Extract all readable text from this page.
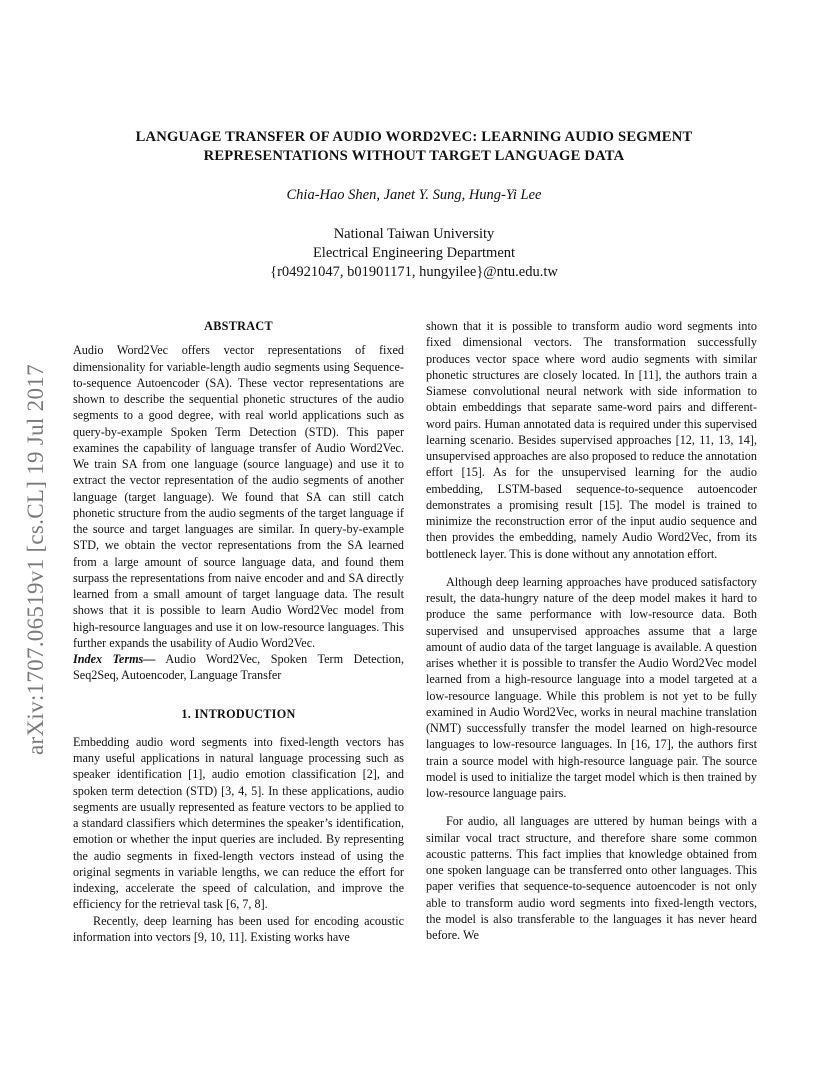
arXiv:1707.06519v1 [cs.CL] 19 Jul 2017
LANGUAGE TRANSFER OF AUDIO WORD2VEC: LEARNING AUDIO SEGMENT
REPRESENTATIONS WITHOUT TARGET LANGUAGE DATA
Chia-Hao Shen, Janet Y. Sung, Hung-Yi Lee
National Taiwan University
Electrical Engineering Department
{r04921047, b01901171, hungyilee}@ntu.edu.tw
ABSTRACT

Audio Word2Vec offers vector representations of fixed dimensionality for variable-length audio segments using Sequence-to-sequence Autoencoder (SA). These vector representations are shown to describe the sequential phonetic structures of the audio segments to a good degree, with real world applications such as query-by-example Spoken Term Detection (STD). This paper examines the capability of language transfer of Audio Word2Vec. We train SA from one language (source language) and use it to extract the vector representation of the audio segments of another language (target language). We found that SA can still catch phonetic structure from the audio segments of the target language if the source and target languages are similar. In query-by-example STD, we obtain the vector representations from the SA learned from a large amount of source language data, and found them surpass the representations from naive encoder and and SA directly learned from a small amount of target language data. The result shows that it is possible to learn Audio Word2Vec model from high-resource languages and use it on low-resource languages. This further expands the usability of Audio Word2Vec.

Index Terms— Audio Word2Vec, Spoken Term Detection, Seq2Seq, Autoencoder, Language Transfer

1. INTRODUCTION

Embedding audio word segments into fixed-length vectors has many useful applications in natural language processing such as speaker identification [1], audio emotion classification [2], and spoken term detection (STD) [3, 4, 5]. In these applications, audio segments are usually represented as feature vectors to be applied to a standard classifiers which determines the speaker’s identification, emotion or whether the input queries are included. By representing the audio segments in fixed-length vectors instead of using the original segments in variable lengths, we can reduce the effort for indexing, accelerate the speed of calculation, and improve the efficiency for the retrieval task [6, 7, 8].

Recently, deep learning has been used for encoding acoustic information into vectors [9, 10, 11]. Existing works have

shown that it is possible to transform audio word segments into fixed dimensional vectors. The transformation successfully produces vector space where word audio segments with similar phonetic structures are closely located. In [11], the authors train a Siamese convolutional neural network with side information to obtain embeddings that separate same-word pairs and different-word pairs. Human annotated data is required under this supervised learning scenario. Besides supervised approaches [12, 11, 13, 14], unsupervised approaches are also proposed to reduce the annotation effort [15]. As for the unsupervised learning for the audio embedding, LSTM-based sequence-to-sequence autoencoder demonstrates a promising result [15]. The model is trained to minimize the reconstruction error of the input audio sequence and then provides the embedding, namely Audio Word2Vec, from its bottleneck layer. This is done without any annotation effort.

Although deep learning approaches have produced satisfactory result, the data-hungry nature of the deep model makes it hard to produce the same performance with low-resource data. Both supervised and unsupervised approaches assume that a large amount of audio data of the target language is available. A question arises whether it is possible to transfer the Audio Word2Vec model learned from a high-resource language into a model targeted at a low-resource language. While this problem is not yet to be fully examined in Audio Word2Vec, works in neural machine translation (NMT) successfully transfer the model learned on high-resource languages to low-resource languages. In [16, 17], the authors first train a source model with high-resource language pair. The source model is used to initialize the target model which is then trained by low-resource language pairs.

For audio, all languages are uttered by human beings with a similar vocal tract structure, and therefore share some common acoustic patterns. This fact implies that knowledge obtained from one spoken language can be transferred onto other languages. This paper verifies that sequence-to-sequence autoencoder is not only able to transform audio word segments into fixed-length vectors, the model is also transferable to the languages it has never heard before. We
